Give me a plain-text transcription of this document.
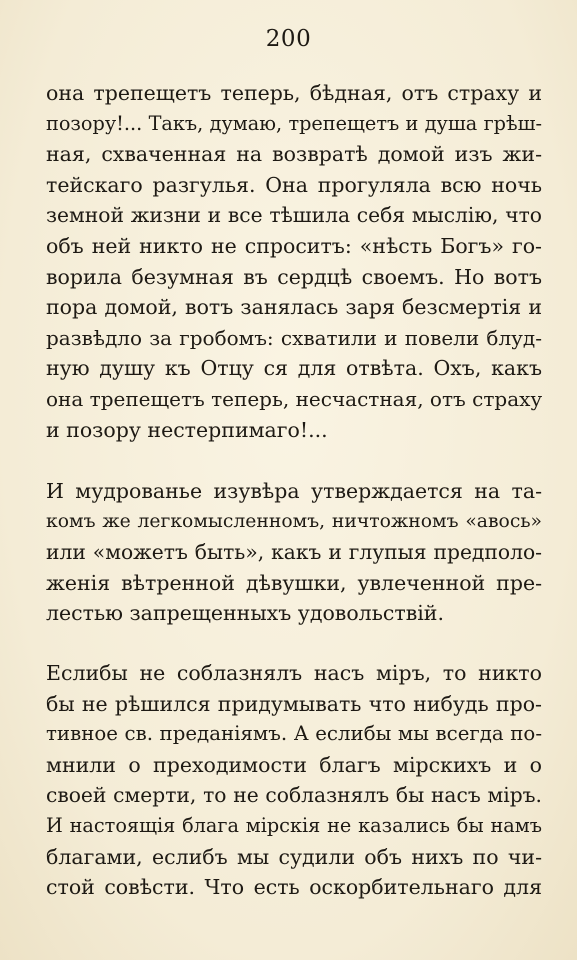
200
она трепещетъ теперь, бѣдная, отъ страху и
позору!... Такъ, думаю, трепещетъ и душа грѣш-
ная, схваченная на возвратѣ домой изъ жи-
тейскаго разгулья. Она прогуляла всю ночь
земной жизни и все тѣшила себя мыслію, что
объ ней никто не спроситъ: «нѣсть Богъ» го-
ворила безумная въ сердцѣ своемъ. Но вотъ
пора домой, вотъ занялась заря безсмертія и
развѣдло за гробомъ: схватили и повели блуд-
ную душу къ Отцу ся для отвѣта. Охъ, какъ
она трепещетъ теперь, несчастная, отъ страху
и позору нестерпимаго!...
И мудрованье изувѣра утверждается на та-
комъ же легкомысленномъ, ничтожномъ «авось»
или «можетъ быть», какъ и глупыя предполо-
женія вѣтренной дѣвушки, увлеченной пре-
лестью запрещенныхъ удовольствій.
Еслибы не соблазнялъ насъ міръ, то никто
бы не рѣшился придумывать что нибудь про-
тивное св. преданіямъ. А еслибы мы всегда по-
мнили о преходимости благъ мірскихъ и о
своей смерти, то не соблазнялъ бы насъ міръ.
И настоящія блага мірскія не казались бы намъ
благами, еслибъ мы судили объ нихъ по чи-
стой совѣсти. Что есть оскорбительнаго для
